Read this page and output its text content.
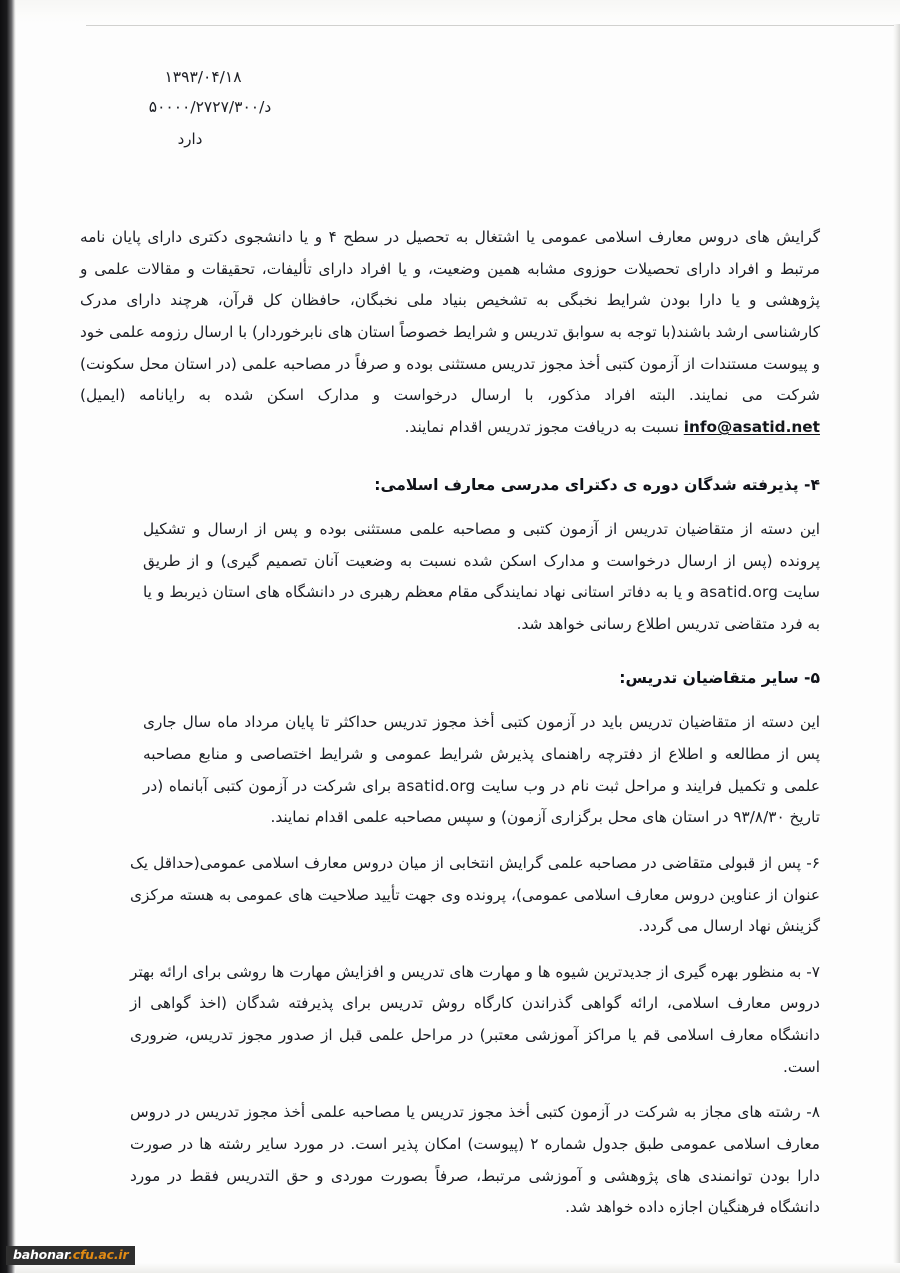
۱۳۹۳/۰۴/۱۸
د/۵۰۰۰۰/۲۷۲۷/۳۰۰
دارد

گرایش های دروس معارف اسلامی عمومی یا اشتغال به تحصیل در سطح ۴ و یا دانشجوی دکتری دارای پایان نامه مرتبط و افراد دارای تحصیلات حوزوی مشابه همین وضعیت، و یا افراد دارای تألیفات، تحقیقات و مقالات علمی و پژوهشی و یا دارا بودن شرایط نخبگی به تشخیص بنیاد ملی نخبگان، حافظان کل قرآن، هرچند دارای مدرک کارشناسی ارشد باشند(با توجه به سوابق تدریس و شرایط خصوصاً استان های نابرخوردار) با ارسال رزومه علمی خود و پیوست مستندات از آزمون کتبی أخذ مجوز تدریس مستثنی بوده و صرفاً در مصاحبه علمی (در استان محل سکونت) شرکت می نمایند. البته افراد مذکور، با ارسال درخواست و مدارک اسکن شده به رایانامه (ایمیل) info@asatid.net نسبت به دریافت مجوز تدریس اقدام نمایند.

۴- پذیرفته شدگان دوره ی دکترای مدرسی معارف اسلامی:

این دسته از متقاضیان تدریس از آزمون کتبی و مصاحبه علمی مستثنی بوده و پس از ارسال و تشکیل پرونده (پس از ارسال درخواست و مدارک اسکن شده نسبت به وضعیت آنان تصمیم گیری) و از طریق سایت asatid.org و یا به دفاتر استانی نهاد نمایندگی مقام معظم رهبری در دانشگاه های استان ذیربط و یا به فرد متقاضی تدریس اطلاع رسانی خواهد شد.

۵- سایر متقاضیان تدریس:

این دسته از متقاضیان تدریس باید در آزمون کتبی أخذ مجوز تدریس حداکثر تا پایان مرداد ماه سال جاری پس از مطالعه و اطلاع از دفترچه راهنمای پذیرش شرایط عمومی و شرایط اختصاصی و منابع مصاحبه علمی و تکمیل فرایند و مراحل ثبت نام در وب سایت asatid.org برای شرکت در آزمون کتبی آبانماه (در تاریخ ۹۳/۸/۳۰ در استان های محل برگزاری آزمون) و سپس مصاحبه علمی اقدام نمایند.

۶- پس از قبولی متقاضی در مصاحبه علمی گرایش انتخابی از میان دروس معارف اسلامی عمومی(حداقل یک عنوان از عناوین دروس معارف اسلامی عمومی)، پرونده وی جهت تأیید صلاحیت های عمومی به هسته مرکزی گزینش نهاد ارسال می گردد.

۷- به منظور بهره گیری از جدیدترین شیوه ها و مهارت های تدریس و افزایش مهارت ها روشی برای ارائه بهتر دروس معارف اسلامی، ارائه گواهی گذراندن کارگاه روش تدریس برای پذیرفته شدگان (اخذ گواهی از دانشگاه معارف اسلامی قم یا مراکز آموزشی معتبر) در مراحل علمی قبل از صدور مجوز تدریس، ضروری است.

۸- رشته های مجاز به شرکت در آزمون کتبی أخذ مجوز تدریس یا مصاحبه علمی أخذ مجوز تدریس در دروس معارف اسلامی عمومی طبق جدول شماره ۲ (پیوست) امکان پذیر است. در مورد سایر رشته ها در صورت دارا بودن توانمندی های پژوهشی و آموزشی مرتبط، صرفاً بصورت موردی و حق التدریس فقط در مورد دانشگاه فرهنگیان اجازه داده خواهد شد.

bahonar.cfu.ac.ir
